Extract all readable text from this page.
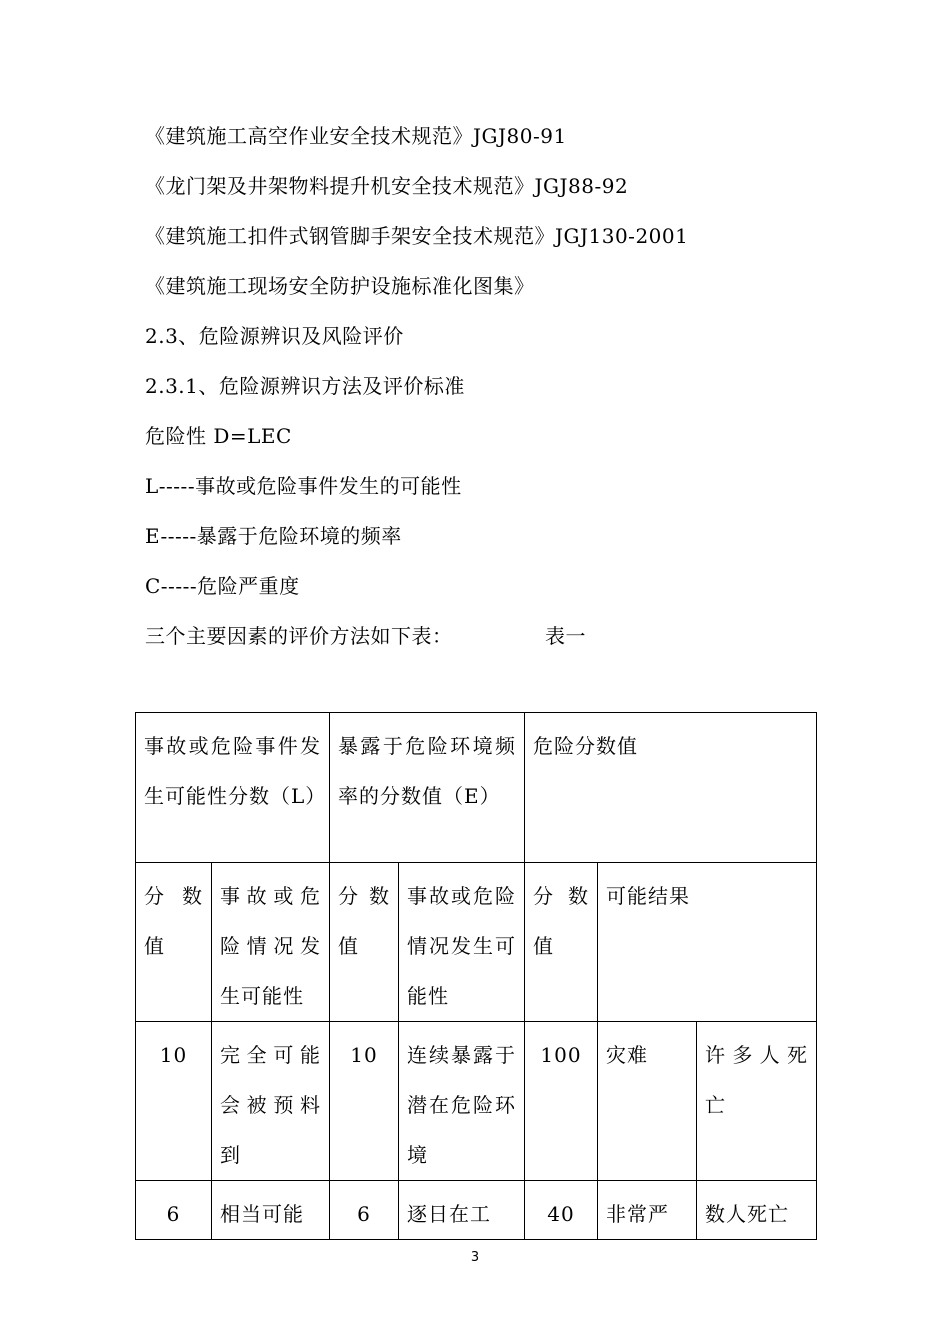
《建筑施工高空作业安全技术规范》JGJ80-91
《龙门架及井架物料提升机安全技术规范》JGJ88-92
《建筑施工扣件式钢管脚手架安全技术规范》JGJ130-2001
《建筑施工现场安全防护设施标准化图集》
2.3、危险源辨识及风险评价
2.3.1、危险源辨识方法及评价标准
危险性 D=LEC
L-----事故或危险事件发生的可能性
E-----暴露于危险环境的频率
C-----危险严重度
三个主要因素的评价方法如下表：	表一
事故或危险事件发生可能性分数（L）		暴露于危险环境频率的分数值（E）		危险分数值		
分 数值	事故或危险情况发生可能性	分 数值	事故或危险情况发生可能性	分 数值	可能结果	
10	完全可能会被预料到	10	连续暴露于潜在危险环境	100	灾难	许多人死亡
6	相当可能	6	逐日在工	40	非常严	数人死亡
3
